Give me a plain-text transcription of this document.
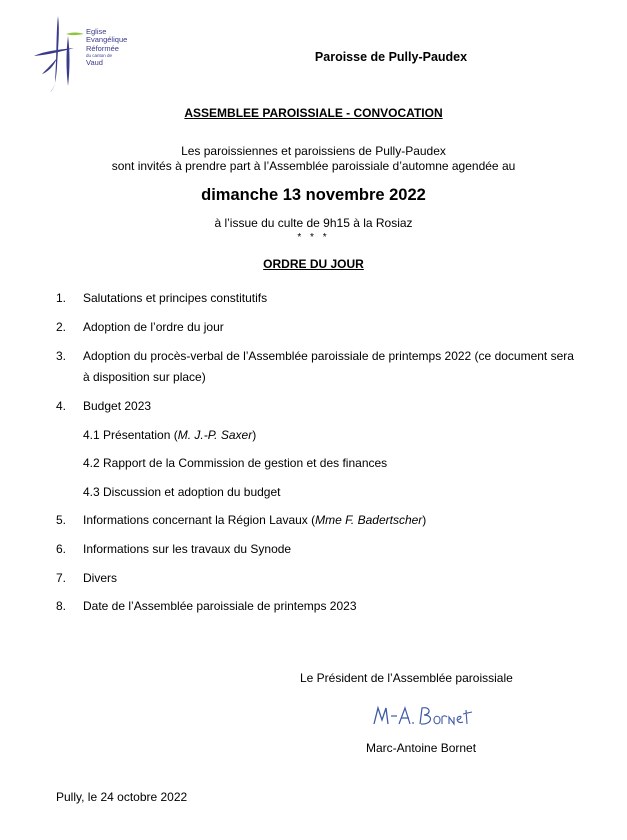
Eglise
Evangélique
Réformée
du canton de
Vaud	Paroisse de Pully-Paudex
ASSEMBLEE PAROISSIALE - CONVOCATION
Les paroissiennes et paroissiens de Pully-Paudex
sont invités à prendre part à l’Assemblée paroissiale d’automne agendée au
dimanche 13 novembre 2022
à l’issue du culte de 9h15 à la Rosiaz
* * *
ORDRE DU JOUR
1. Salutations et principes constitutifs
2. Adoption de l’ordre du jour
3. Adoption du procès-verbal de l’Assemblée paroissiale de printemps 2022 (ce document sera à disposition sur place)
4. Budget 2023
4.1 Présentation (M. J.-P. Saxer)
4.2 Rapport de la Commission de gestion et des finances
4.3 Discussion et adoption du budget
5. Informations concernant la Région Lavaux (Mme F. Badertscher)
6. Informations sur les travaux du Synode
7. Divers
8. Date de l’Assemblée paroissiale de printemps 2023
Le Président de l’Assemblée paroissiale
Marc-Antoine Bornet
Pully, le 24 octobre 2022
